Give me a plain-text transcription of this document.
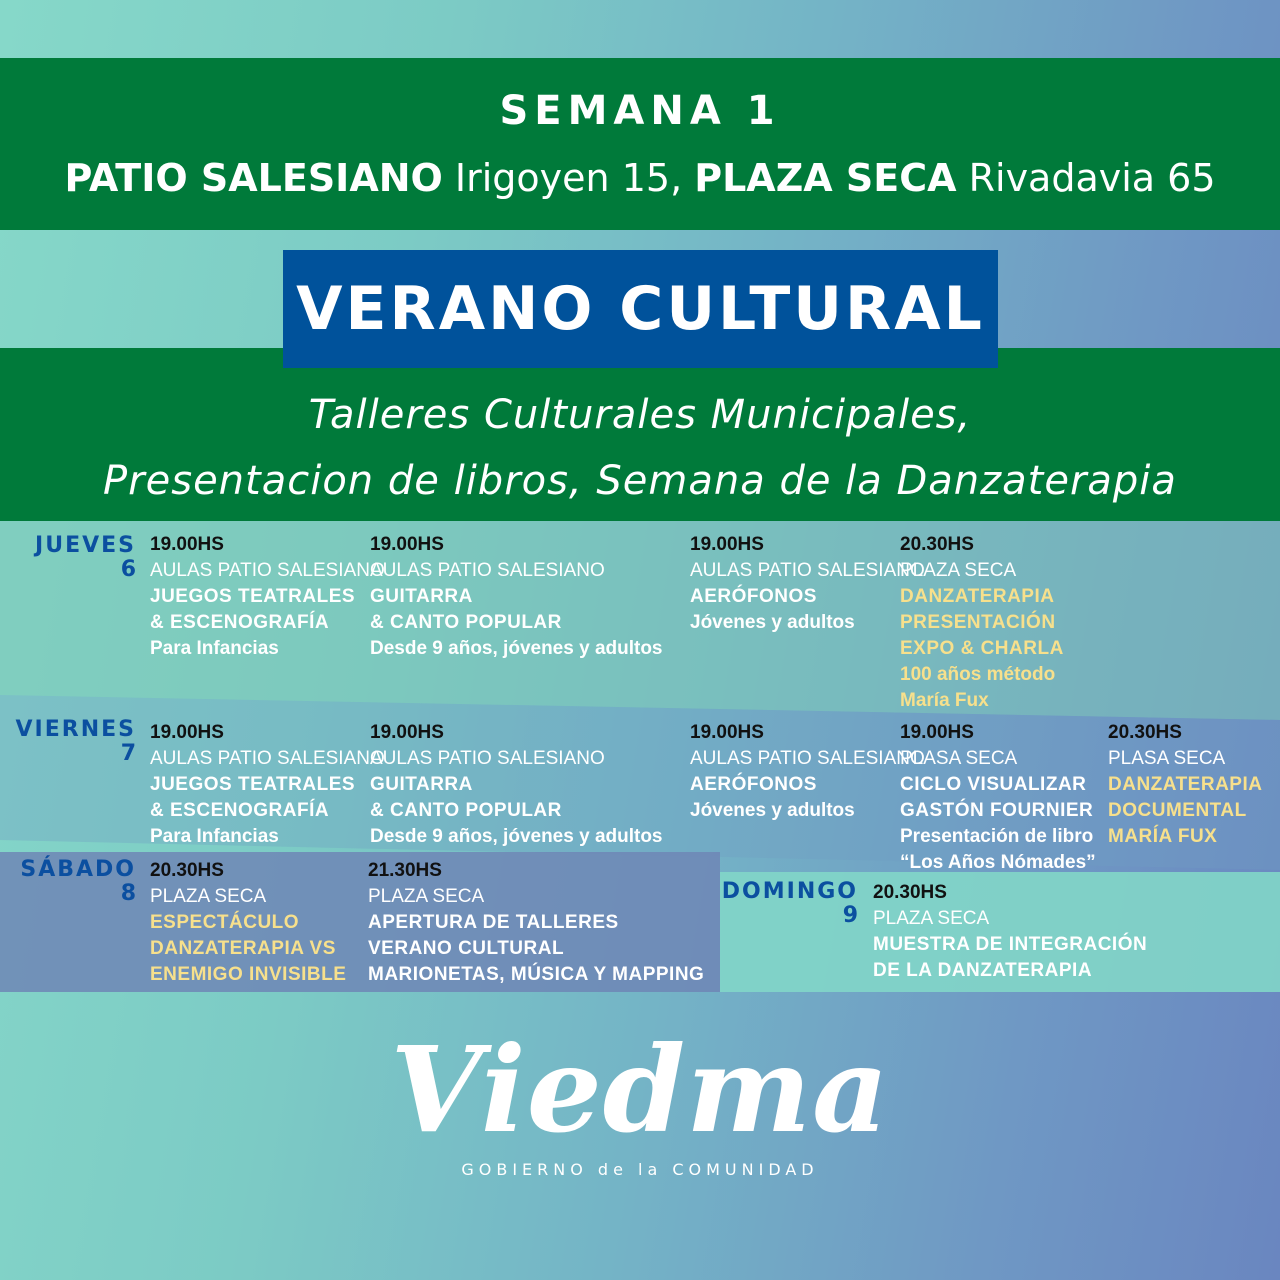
SEMANA 1
PATIO SALESIANO Irigoyen 15, PLAZA SECA Rivadavia 65
VERANO CULTURAL
Talleres Culturales Municipales,
Presentacion de libros, Semana de la Danzaterapia
JUEVES
6
VIERNES
7
SÁBADO
8	DOMINGO
9
19.00HS
AULAS PATIO SALESIANO
JUEGOS TEATRALES
& ESCENOGRAFÍA
Para Infancias
19.00HS
AULAS PATIO SALESIANO
GUITARRA
& CANTO POPULAR
Desde 9 años, jóvenes y adultos
19.00HS
AULAS PATIO SALESIANO
AERÓFONOS
Jóvenes y adultos
20.30HS
PLAZA SECA
DANZATERAPIA
PRESENTACIÓN
EXPO & CHARLA
100 años método
María Fux
19.00HS
AULAS PATIO SALESIANO
JUEGOS TEATRALES
& ESCENOGRAFÍA
Para Infancias
19.00HS
AULAS PATIO SALESIANO
GUITARRA
& CANTO POPULAR
Desde 9 años, jóvenes y adultos
19.00HS
AULAS PATIO SALESIANO
AERÓFONOS
Jóvenes y adultos
19.00HS
PLASA SECA
CICLO VISUALIZAR
GASTÓN FOURNIER
Presentación de libro
“Los Años Nómades”
20.30HS
PLASA SECA
DANZATERAPIA
DOCUMENTAL
MARÍA FUX
20.30HS
PLAZA SECA
ESPECTÁCULO
DANZATERAPIA VS
ENEMIGO INVISIBLE
21.30HS
PLAZA SECA
APERTURA DE TALLERES
VERANO CULTURAL
MARIONETAS, MÚSICA Y MAPPING
20.30HS
PLAZA SECA
MUESTRA DE INTEGRACIÓN
DE LA DANZATERAPIA
Viedma
GOBIERNO de la COMUNIDAD
